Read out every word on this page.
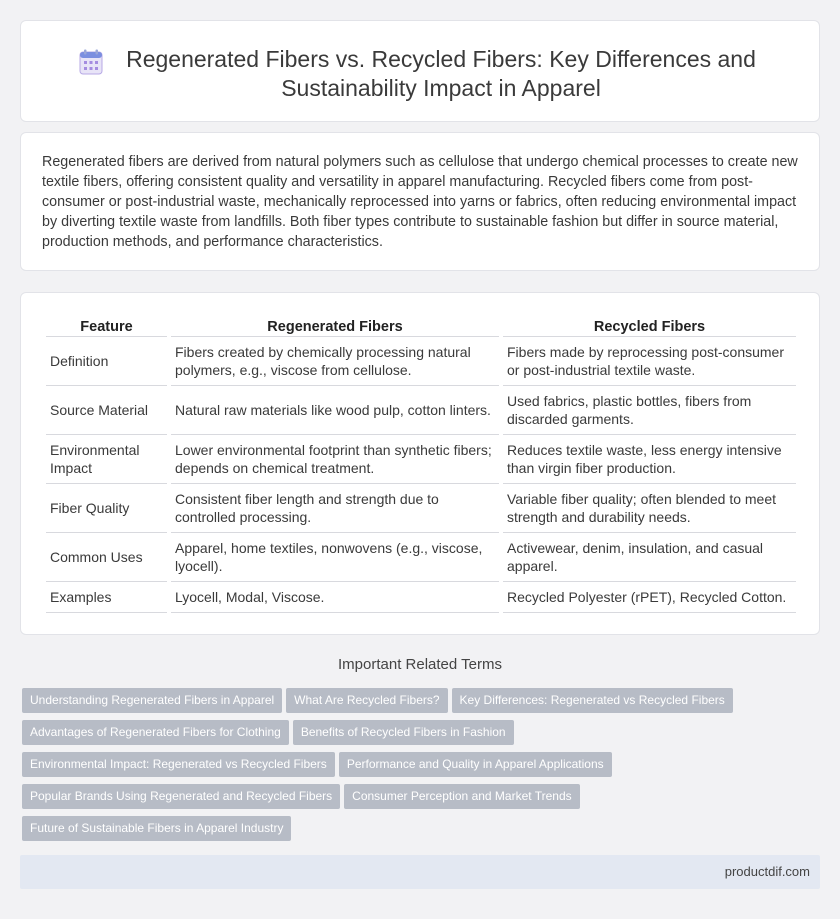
Regenerated Fibers vs. Recycled Fibers: Key Differences and Sustainability Impact in Apparel

Regenerated fibers are derived from natural polymers such as cellulose that undergo chemical processes to create new textile fibers, offering consistent quality and versatility in apparel manufacturing. Recycled fibers come from post-consumer or post-industrial waste, mechanically reprocessed into yarns or fabrics, often reducing environmental impact by diverting textile waste from landfills. Both fiber types contribute to sustainable fashion but differ in source material, production methods, and performance characteristics.

Feature	Regenerated Fibers	Recycled Fibers
Definition	Fibers created by chemically processing natural polymers, e.g., viscose from cellulose.	Fibers made by reprocessing post-consumer or post-industrial textile waste.
Source Material	Natural raw materials like wood pulp, cotton linters.	Used fabrics, plastic bottles, fibers from discarded garments.
Environmental Impact	Lower environmental footprint than synthetic fibers; depends on chemical treatment.	Reduces textile waste, less energy intensive than virgin fiber production.
Fiber Quality	Consistent fiber length and strength due to controlled processing.	Variable fiber quality; often blended to meet strength and durability needs.
Common Uses	Apparel, home textiles, nonwovens (e.g., viscose, lyocell).	Activewear, denim, insulation, and casual apparel.
Examples	Lyocell, Modal, Viscose.	Recycled Polyester (rPET), Recycled Cotton.
Important Related Terms
Understanding Regenerated Fibers in Apparel What Are Recycled Fibers? Key Differences: Regenerated vs Recycled Fibers
Advantages of Regenerated Fibers for Clothing Benefits of Recycled Fibers in Fashion
Environmental Impact: Regenerated vs Recycled Fibers Performance and Quality in Apparel Applications
Popular Brands Using Regenerated and Recycled Fibers Consumer Perception and Market Trends
Future of Sustainable Fibers in Apparel Industry
productdif.com
